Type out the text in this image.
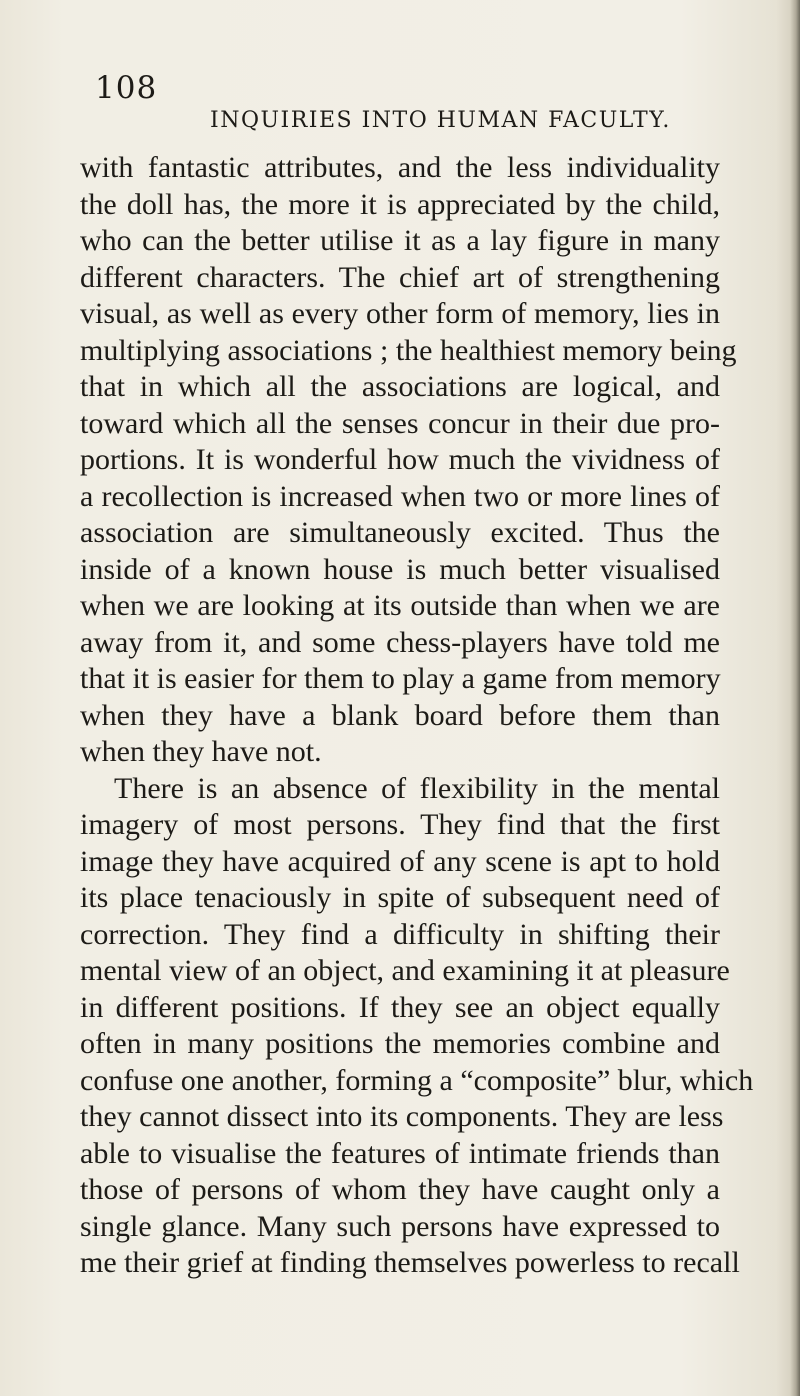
108
INQUIRIES INTO HUMAN FACULTY.
with fantastic attributes, and the less individuality
the doll has, the more it is appreciated by the child,
who can the better utilise it as a lay figure in many
different characters. The chief art of strengthening
visual, as well as every other form of memory, lies in
multiplying associations ; the healthiest memory being
that in which all the associations are logical, and
toward which all the senses concur in their due pro-
portions. It is wonderful how much the vividness of
a recollection is increased when two or more lines of
association are simultaneously excited. Thus the
inside of a known house is much better visualised
when we are looking at its outside than when we are
away from it, and some chess-players have told me
that it is easier for them to play a game from memory
when they have a blank board before them than
when they have not.
There is an absence of flexibility in the mental
imagery of most persons. They find that the first
image they have acquired of any scene is apt to hold
its place tenaciously in spite of subsequent need of
correction. They find a difficulty in shifting their
mental view of an object, and examining it at pleasure
in different positions. If they see an object equally
often in many positions the memories combine and
confuse one another, forming a “composite” blur, which
they cannot dissect into its components. They are less
able to visualise the features of intimate friends than
those of persons of whom they have caught only a
single glance. Many such persons have expressed to
me their grief at finding themselves powerless to recall
